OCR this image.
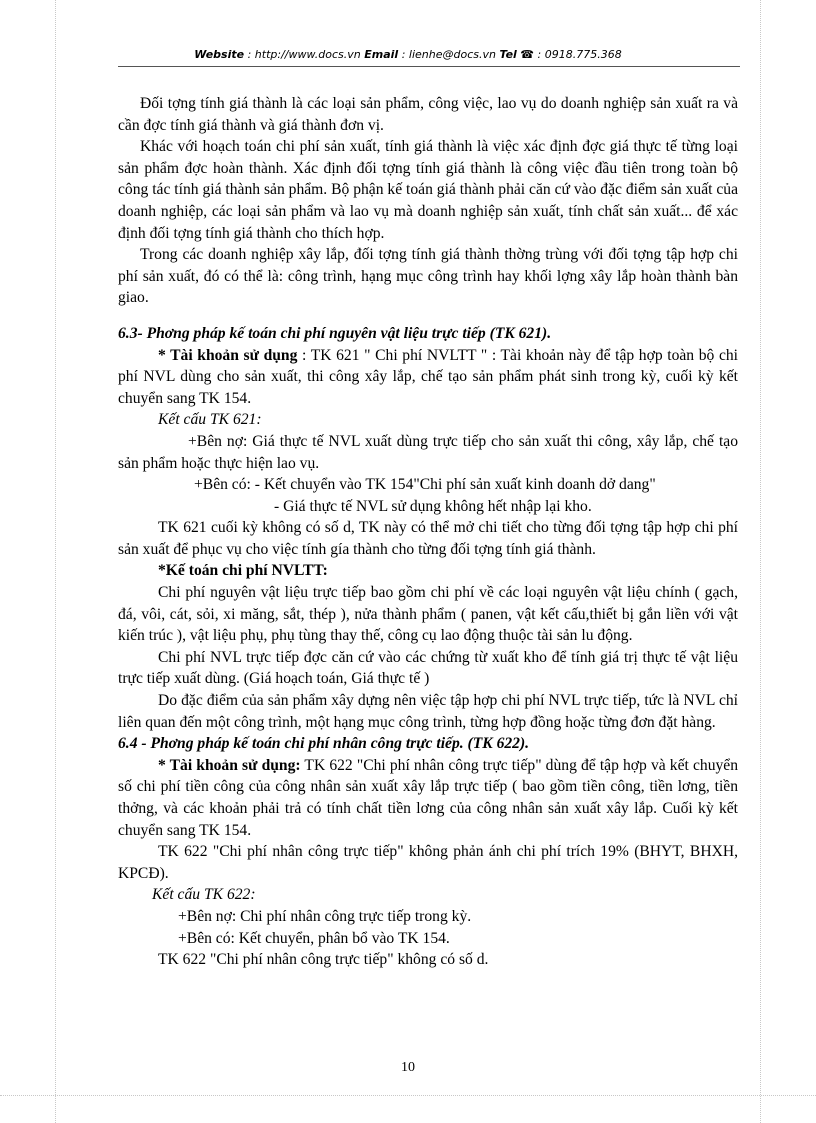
Website : http://www.docs.vn Email : lienhe@docs.vn Tel ☎ : 0918.775.368

Đối tợng tính giá thành là các loại sản phẩm, công việc, lao vụ do doanh nghiệp sản xuất ra và cần đợc tính giá thành và giá thành đơn vị.

Khác với hoạch toán chi phí sản xuất, tính giá thành là việc xác định đợc giá thực tế từng loại sản phẩm đợc hoàn thành. Xác định đối tợng tính giá thành là công việc đầu tiên trong toàn bộ công tác tính giá thành sản phẩm. Bộ phận kế toán giá thành phải căn cứ vào đặc điểm sản xuất của doanh nghiệp, các loại sản phẩm và lao vụ mà doanh nghiệp sản xuất, tính chất sản xuất... để xác định đối tợng tính giá thành cho thích hợp.

Trong các doanh nghiệp xây lắp, đối tợng tính giá thành thờng trùng với đối tợng tập hợp chi phí sản xuất, đó có thể là: công trình, hạng mục công trình hay khối lợng xây lắp hoàn thành bàn giao.

6.3- Phơng pháp kế toán chi phí nguyên vật liệu trực tiếp (TK 621).

* Tài khoản sử dụng : TK 621 " Chi phí NVLTT " : Tài khoản này để tập hợp toàn bộ chi phí NVL dùng cho sản xuất, thi công xây lắp, chế tạo sản phẩm phát sinh trong kỳ, cuối kỳ kết chuyển sang TK 154.

Kết cấu TK 621:

+Bên nợ: Giá thực tế NVL xuất dùng trực tiếp cho sản xuất thi công, xây lắp, chế tạo sản phẩm hoặc thực hiện lao vụ.

+Bên có: - Kết chuyển vào TK 154"Chi phí sản xuất kinh doanh dở dang"

- Giá thực tế NVL sử dụng không hết nhập lại kho.

TK 621 cuối kỳ không có số d, TK này có thể mở chi tiết cho từng đối tợng tập hợp chi phí sản xuất để phục vụ cho việc tính gía thành cho từng đối tợng tính giá thành.

*Kế toán chi phí NVLTT:

Chi phí nguyên vật liệu trực tiếp bao gồm chi phí về các loại nguyên vật liệu chính ( gạch, đá, vôi, cát, sỏi, xi măng, sắt, thép ), nửa thành phẩm ( panen, vật kết cấu,thiết bị gắn liền với vật kiến trúc ), vật liệu phụ, phụ tùng thay thế, công cụ lao động thuộc tài sản lu động.

Chi phí NVL trực tiếp đợc căn cứ vào các chứng từ xuất kho để tính giá trị thực tế vật liệu trực tiếp xuất dùng. (Giá hoạch toán, Giá thực tế )

Do đặc điểm của sản phẩm xây dựng nên việc tập hợp chi phí NVL trực tiếp, tức là NVL chỉ liên quan đến một công trình, một hạng mục công trình, từng hợp đồng hoặc từng đơn đặt hàng.

6.4 - Phơng pháp kế toán chi phí nhân công trực tiếp. (TK 622).

* Tài khoản sử dụng: TK 622 "Chi phí nhân công trực tiếp" dùng để tập hợp và kết chuyển số chi phí tiền công của công nhân sản xuất xây lắp trực tiếp ( bao gồm tiền công, tiền lơng, tiền thởng, và các khoản phải trả có tính chất tiền lơng của công nhân sản xuất xây lắp. Cuối kỳ kết chuyển sang TK 154.

TK 622 "Chi phí nhân công trực tiếp" không phản ánh chi phí trích 19% (BHYT, BHXH, KPCĐ).

Kết cấu TK 622:

+Bên nợ: Chi phí nhân công trực tiếp trong kỳ.

+Bên có: Kết chuyển, phân bổ vào TK 154.

TK 622 "Chi phí nhân công trực tiếp" không có số d.

10
